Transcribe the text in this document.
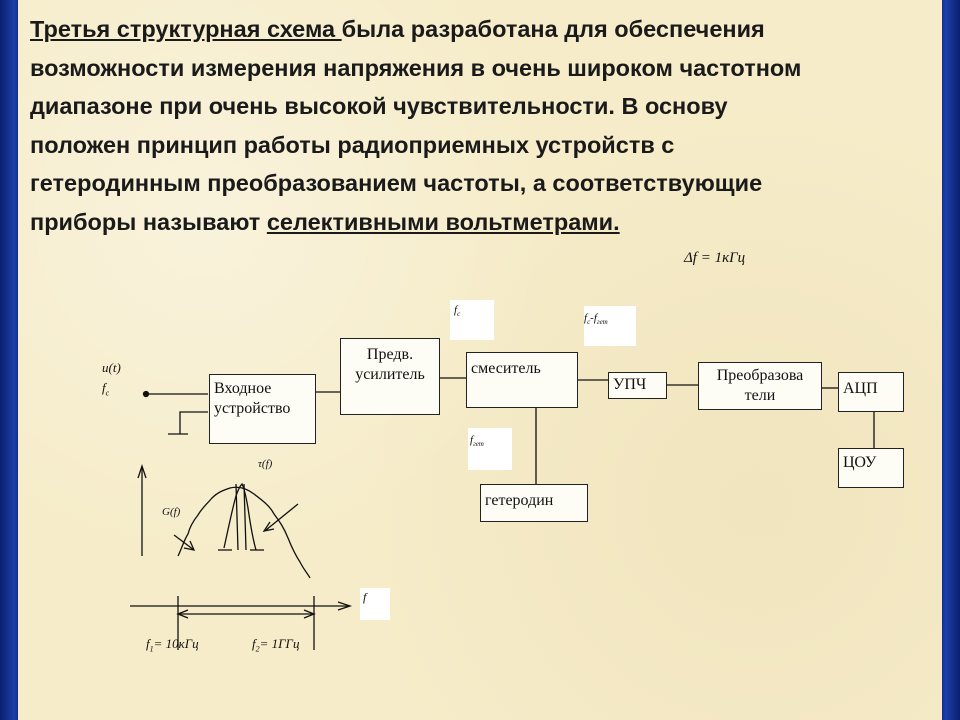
Третья структурная схема была разработана для обеспечения возможности измерения напряжения в очень широком частотном диапазоне при очень высокой чувствительности. В основу положен принцип работы радиоприемных устройств с гетеродинным преобразованием частоты, а соответствующие приборы называют селективными вольтметрами.

Δf = 1кГц
$f_c$	$f_c-f_{гет}$
$f_{гет}$
f
Входное устройство
Предв. усилитель	смеситель
УПЧ
Преобразова тели	АЦП
ЦОУ
гетеродин
u(t)
$f_c$
τ(f)
G(f)
$f_1= 10кГц$	$f_2= 1ГГц$
